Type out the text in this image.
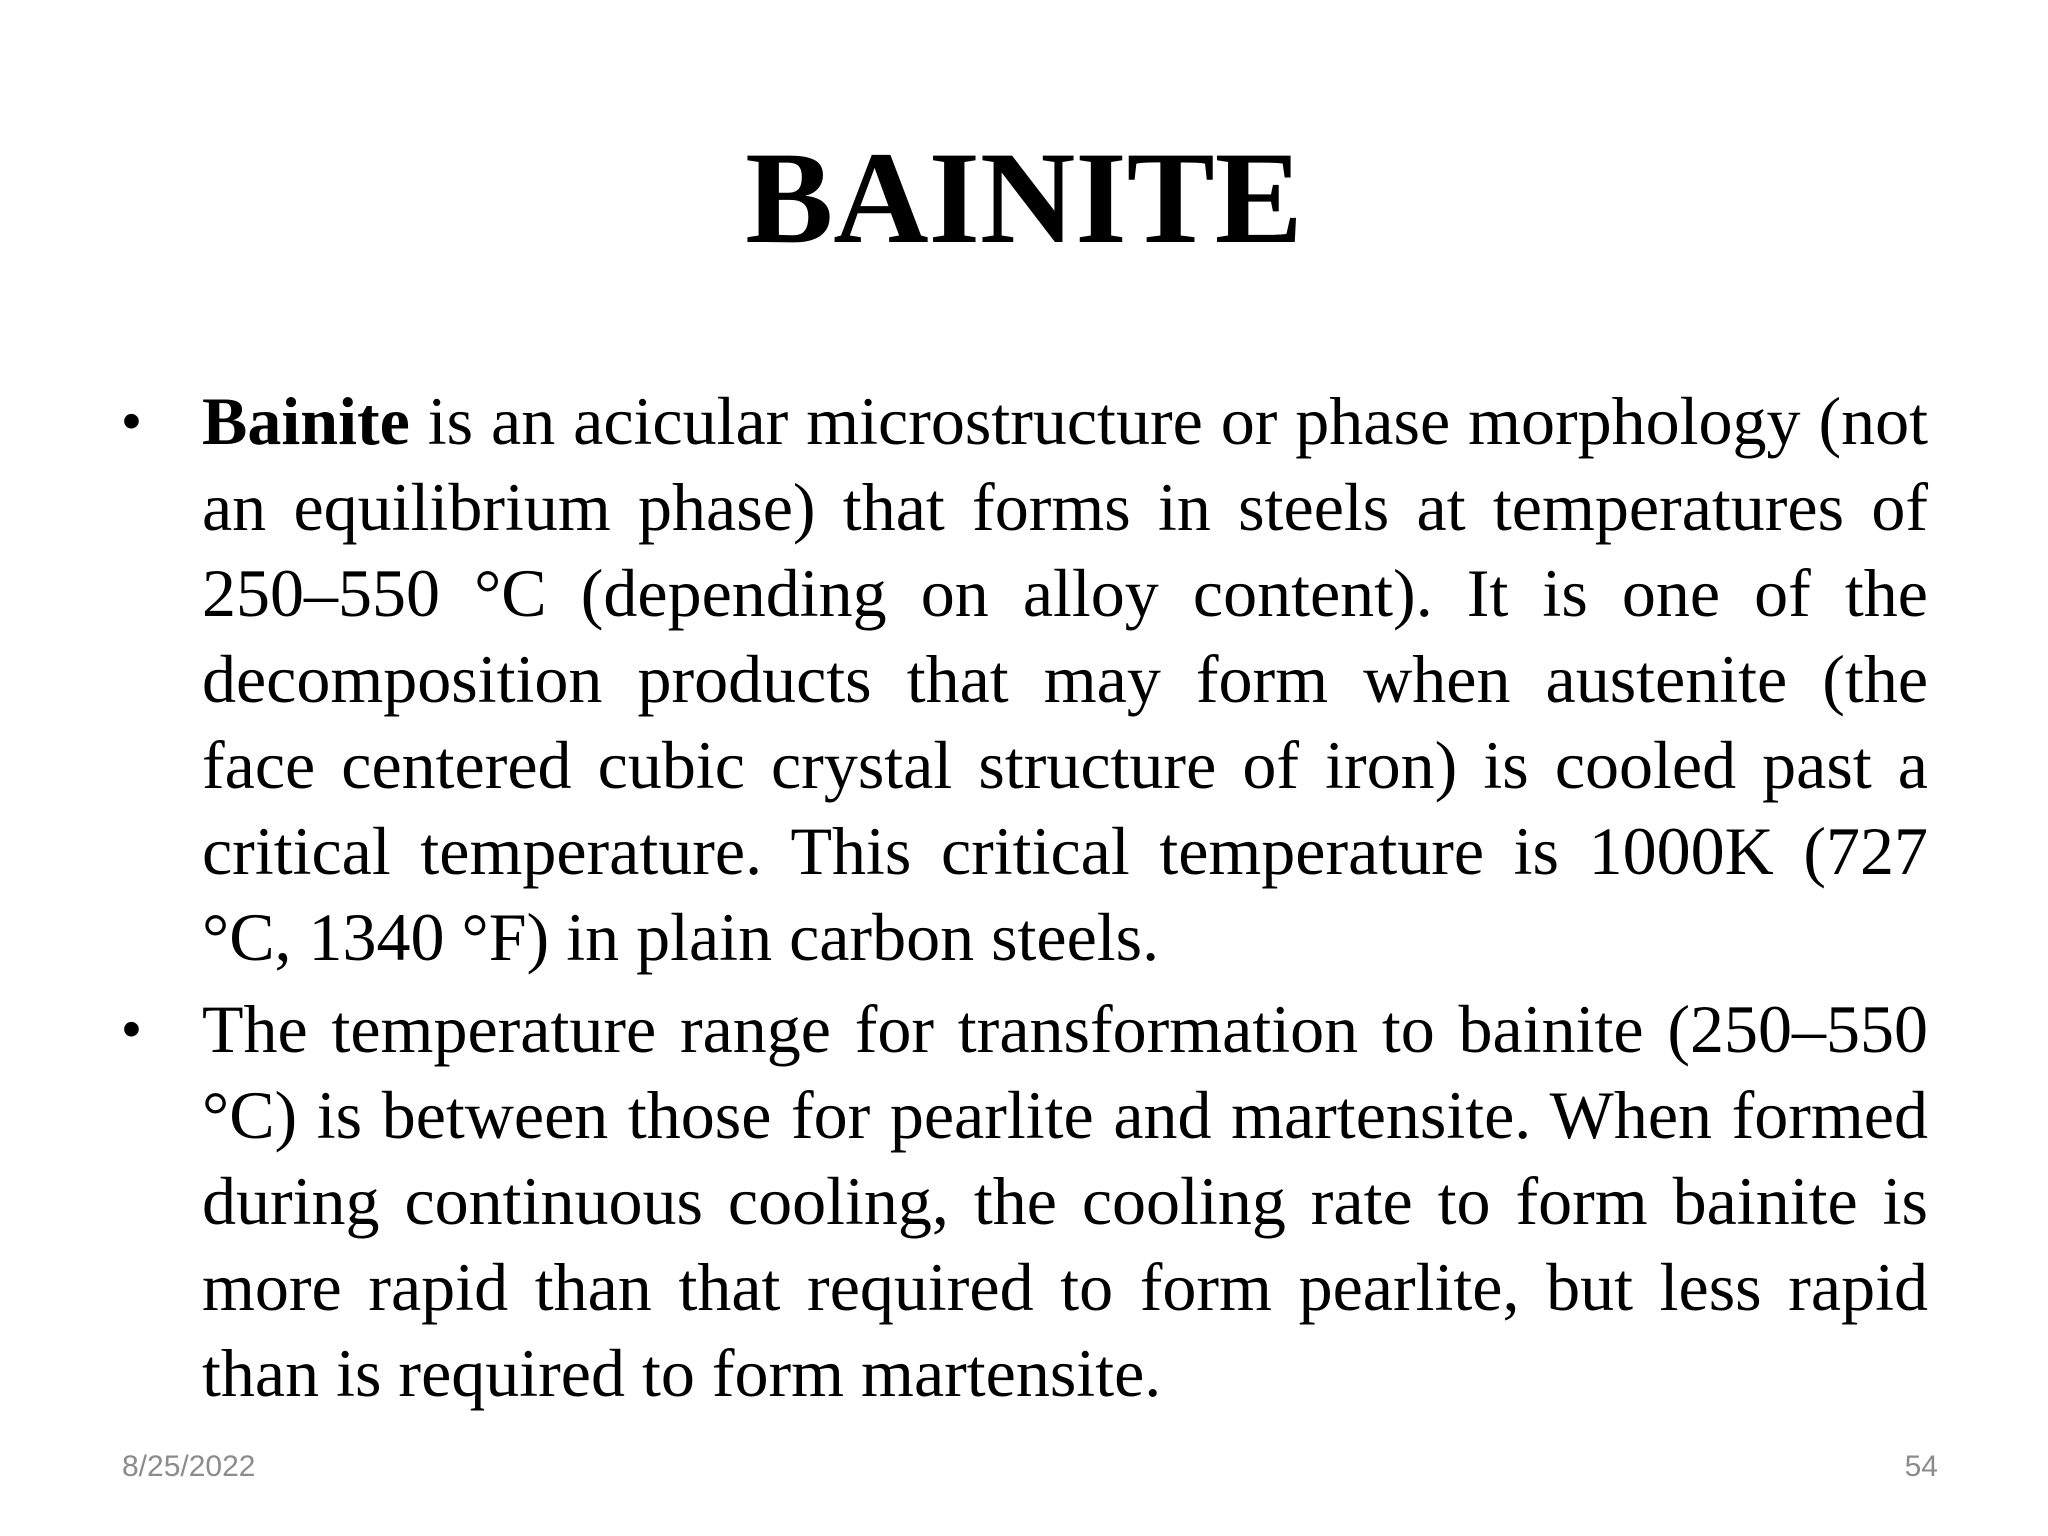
BAINITE
• Bainite is an acicular microstructure or phase morphology (not an equilibrium phase) that forms in steels at temperatures of 250–550 °C (depending on alloy content). It is one of the decomposition products that may form when austenite (the face centered cubic crystal structure of iron) is cooled past a critical temperature. This critical temperature is 1000K (727 °C, 1340 °F) in plain carbon steels.
• The temperature range for transformation to bainite (250–550 °C) is between those for pearlite and martensite. When formed during continuous cooling, the cooling rate to form bainite is more rapid than that required to form pearlite, but less rapid than is required to form martensite.
8/25/2022	54
